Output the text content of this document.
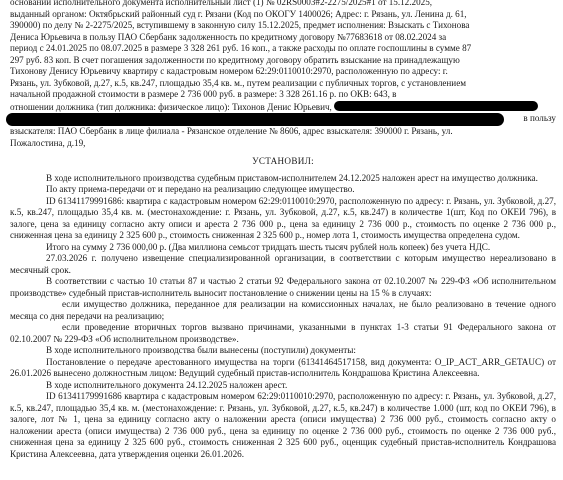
основании исполнительного документа исполнительный лист (1) № 02RS0003#2-2275/2025#1 от 15.12.2025,

выданный органом: Октябрьский районный суд г. Рязани (Код по ОКОГУ 1400026; Адрес: г. Рязань, ул. Ленина д. 61,

390000) по делу № 2-2275/2025, вступившему в законную силу 15.12.2025, предмет исполнения: Взыскать с Тихонова

Дениса Юрьевича в пользу ПАО Сбербанк задолженность по кредитному договору №77683618 от 08.02.2024 за

период с 24.01.2025 по 08.07.2025 в размере 3 328 261 руб. 16 коп., а также расходы по оплате госпошлины в сумме 87

297 руб. 83 коп. В счет погашения задолженности по кредитному договору обратить взыскание на принадлежащую

Тихонову Денису Юрьевичу квартиру с кадастровым номером 62:29:0110010:2970, расположенную по адресу: г.

Рязань, ул. Зубковой, д.27, к.5, кв.247, площадью 35,4 кв. м., путем реализации с публичных торгов, с установлением

начальной продажной стоимости в размере 2 736 000 руб. в размере: 3 328 261.16 р. по ОКВ: 643, в

отношении должника (тип должника: физическое лицо): Тихонов Денис Юрьевич,

в пользу

взыскателя: ПАО Сбербанк в лице филиала - Рязанское отделение № 8606, адрес взыскателя: 390000 г. Рязань, ул.

Пожалостина, д.19,

УСТАНОВИЛ:

В ходе исполнительного производства судебным приставом-исполнителем 24.12.2025 наложен арест на имущество должника.

По акту приема-передачи от и передано на реализацию следующее имущество.

ID 61341179991686: квартира с кадастровым номером 62:29:0110010:2970, расположенную по адресу: г. Рязань, ул. Зубковой, д.27, к.5, кв.247, площадью 35,4 кв. м. (местонахождение: г. Рязань, ул. Зубковой, д.27, к.5, кв.247) в количестве 1(шт, Код по ОКЕИ 796), в залоге, цена за единицу согласно акту описи и ареста 2 736 000 р., цена за единицу 2 736 000 р., стоимость по оценке 2 736 000 р., сниженная цена за единицу 2 325 600 р., стоимость сниженная 2 325 600 р., номер лота 1, стоимость имущества определена судом.

Итого на сумму 2 736 000,00 р. (Два миллиона семьсот тридцать шесть тысяч рублей ноль копеек) без учета НДС.

27.03.2026 г. получено извещение специализированной организации, в соответствии с которым имущество нереализовано в месячный срок.

В соответствии с частью 10 статьи 87 и частью 2 статьи 92 Федерального закона от 02.10.2007 № 229-ФЗ «Об исполнительном производстве» судебный пристав-исполнитель выносит постановление о снижении цены на 15 % в случаях:

если имущество должника, переданное для реализации на комиссионных началах, не было реализовано в течение одного месяца со дня передачи на реализацию;

если проведение вторичных торгов вызвано причинами, указанными в пунктах 1-3 статьи 91 Федерального закона от 02.10.2007 № 229-ФЗ «Об исполнительном производстве».

В ходе исполнительного производства были вынесены (поступили) документы:

Постановление о передаче арестованного имущества на торги (61341464517158, вид документа: O_IP_ACT_ARR_GETAUC) от 26.01.2026 вынесено должностным лицом: Ведущий судебный пристав-исполнитель Кондрашова Кристина Алексеевна.

В ходе исполнительного документа 24.12.2025 наложен арест.

ID 61341179991686 квартира с кадастровым номером 62:29:0110010:2970, расположенную по адресу: г. Рязань, ул. Зубковой, д.27, к.5, кв.247, площадью 35,4 кв. м. (местонахождение: г. Рязань, ул. Зубковой, д.27, к.5, кв.247) в количестве 1.000 (шт, код по ОКЕИ 796), в залоге, лот № 1, цена за единицу согласно акту о наложении ареста (описи имущества) 2 736 000 руб., стоимость согласно акту о наложении ареста (описи имущества) 2 736 000 руб., цена за единицу по оценке 2 736 000 руб., стоимость по оценке 2 736 000 руб., сниженная цена за единицу 2 325 600 руб., стоимость сниженная 2 325 600 руб., оценщик судебный пристав-исполнитель Кондрашова Кристина Алексеевна, дата утверждения оценки 26.01.2026.
